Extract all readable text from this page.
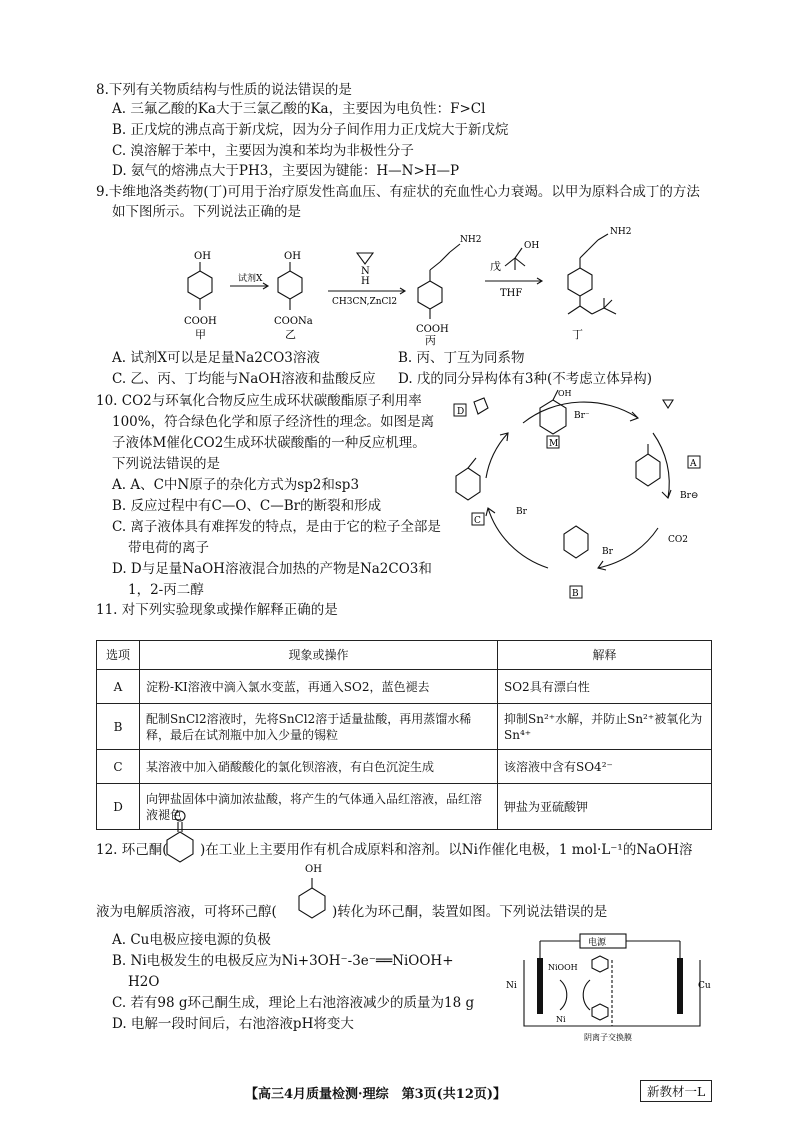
8.下列有关物质结构与性质的说法错误的是
A. 三氟乙酸的Ka大于三氯乙酸的Ka，主要因为电负性：F>Cl
B. 正戊烷的沸点高于新戊烷，因为分子间作用力正戊烷大于新戊烷
C. 溴溶解于苯中，主要因为溴和苯均为非极性分子
D. 氨气的熔沸点大于PH3，主要因为键能：H—N>H—P
9.卡维地洛类药物(丁)可用于治疗原发性高血压、有症状的充血性心力衰竭。以甲为原料合成丁的方法
如下图所示。下列说法正确的是
OH
COOH
甲
试剂X
OH
COONa
乙
N
H
CH3CN,ZnCl2
NH2
COOH
丙
戊
OH
THF
NH2
丁
A. 试剂X可以是足量Na2CO3溶液	B. 丙、丁互为同系物
C. 乙、丙、丁均能与NaOH溶液和盐酸反应 D. 戊的同分异构体有3种(不考虑立体异构)
10. CO2与环氧化合物反应生成环状碳酸酯原子利用率
100%，符合绿色化学和原子经济性的理念。如图是离
子液体M催化CO2生成环状碳酸酯的一种反应机理。
下列说法错误的是
A. A、C中N原子的杂化方式为sp2和sp3
B. 反应过程中有C—O、C—Br的断裂和形成
C. 离子液体具有难挥发的特点，是由于它的粒子全部是
带电荷的离子
D. D与足量NaOH溶液混合加热的产物是Na2CO3和
1，2-丙二醇
D
M
Br⁻
OH
A
Br⊖
CO2
B
Br
C
Br
11. 对下列实验现象或操作解释正确的是
选项	现象或操作	解释
A	淀粉-KI溶液中滴入氯水变蓝，再通入SO2，蓝色褪去	SO2具有漂白性
B	配制SnCl2溶液时，先将SnCl2溶于适量盐酸，再用蒸馏水稀释，最后在试剂瓶中加入少量的锡粒	抑制Sn²⁺水解，并防止Sn²⁺被氧化为Sn⁴⁺
C	某溶液中加入硝酸酸化的氯化钡溶液，有白色沉淀生成	该溶液中含有SO4²⁻
D	向钾盐固体中滴加浓盐酸，将产生的气体通入品红溶液，品红溶液褪色	钾盐为亚硫酸钾
12. 环己酮( )在工业上主要用作有机合成原料和溶剂。以Ni作催化电极，1 mol·L⁻¹的NaOH溶
OH
液为电解质溶液，可将环己醇(	)转化为环己酮，装置如图。下列说法错误的是
A. Cu电极应接电源的负极
B. Ni电极发生的电极反应为Ni+3OH⁻-3e⁻══NiOOH+
H2O
C. 若有98 g环己酮生成，理论上右池溶液减少的质量为18 g
D. 电解一段时间后，右池溶液pH将变大
电源
Ni	Cu
NiOOH
Ni
阴离子交换膜
【高三4月质量检测·理综　第3页(共12页)】	新教材一L
